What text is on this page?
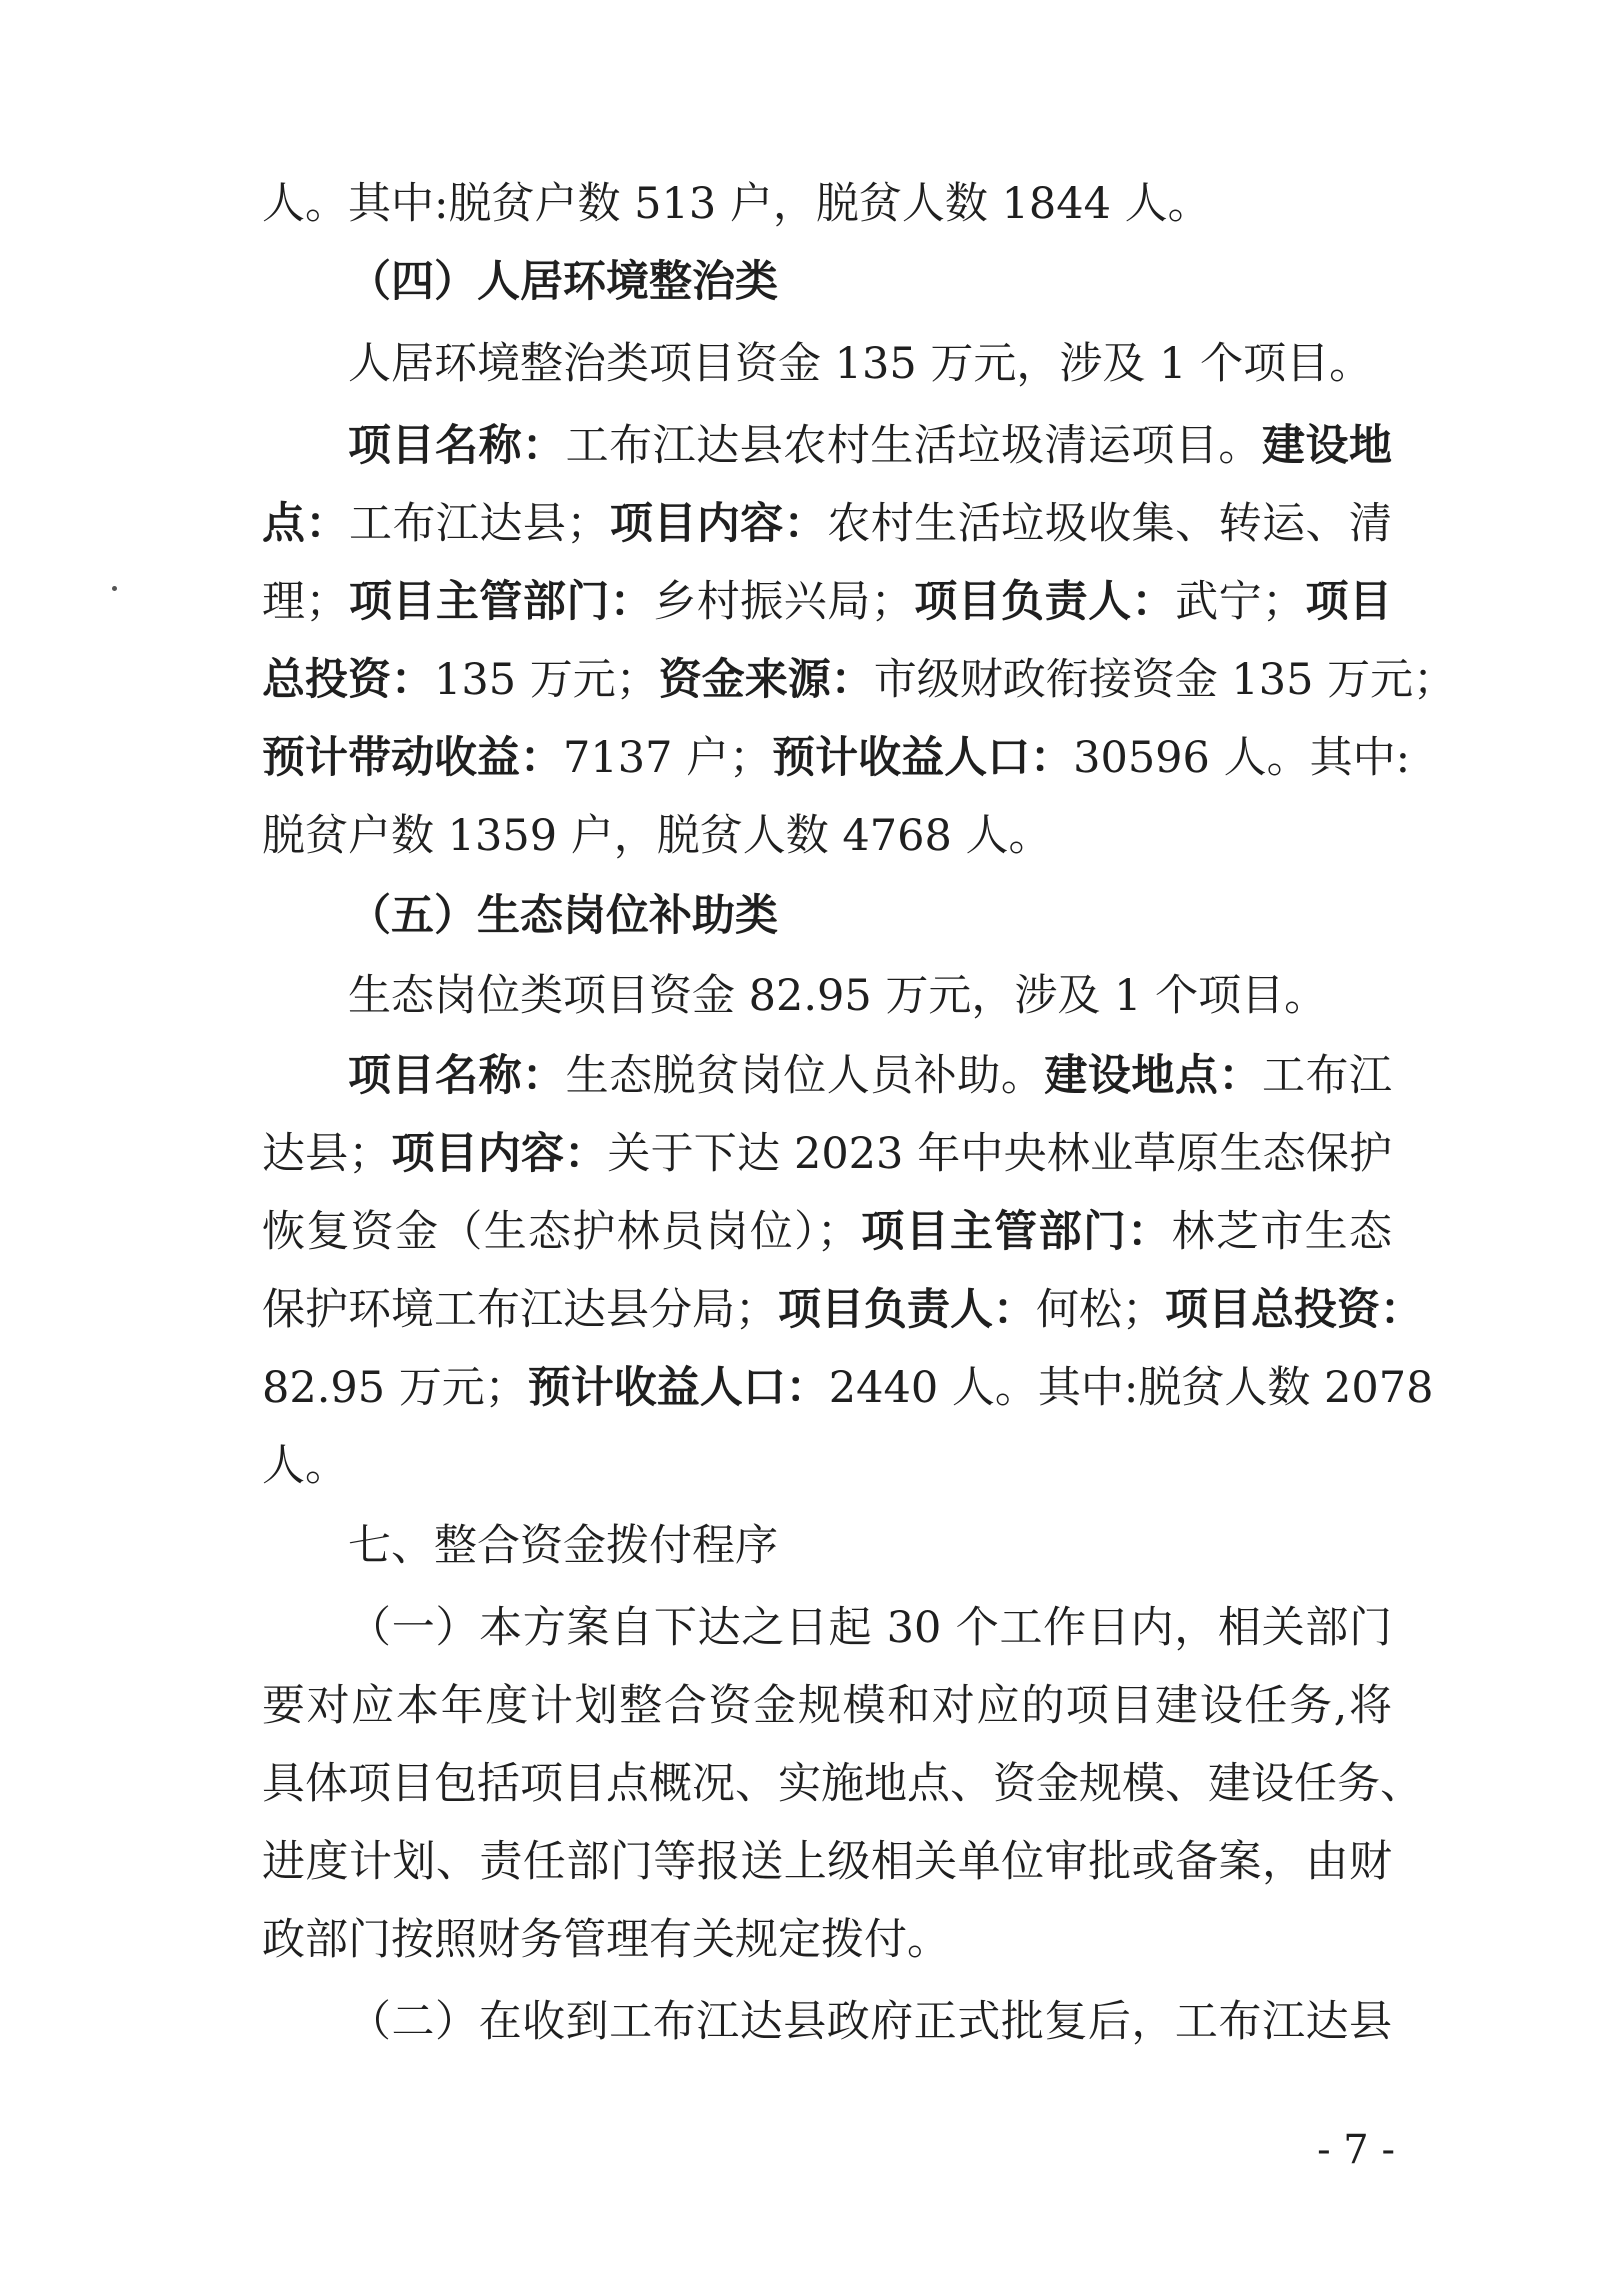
人。其中:脱贫户数 513 户，脱贫人数 1844 人。
（四）人居环境整治类
人居环境整治类项目资金 135 万元，涉及 1 个项目。
项目名称：工布江达县农村生活垃圾清运项目。建设地
点：工布江达县；项目内容：农村生活垃圾收集、转运、清
理；项目主管部门：乡村振兴局；项目负责人：武宁；项目
总投资：135 万元；资金来源：市级财政衔接资金 135 万元；
预计带动收益：7137 户；预计收益人口：30596 人。其中:
脱贫户数 1359 户，脱贫人数 4768 人。
（五）生态岗位补助类
生态岗位类项目资金 82.95 万元，涉及 1 个项目。
项目名称：生态脱贫岗位人员补助。建设地点：工布江
达县；项目内容：关于下达 2023 年中央林业草原生态保护
恢复资金（生态护林员岗位）；项目主管部门：林芝市生态
保护环境工布江达县分局；项目负责人：何松；项目总投资：
82.95 万元；预计收益人口：2440 人。其中:脱贫人数 2078
人。
七、整合资金拨付程序
（一）本方案自下达之日起 30 个工作日内，相关部门
要对应本年度计划整合资金规模和对应的项目建设任务,将
具体项目包括项目点概况、实施地点、资金规模、建设任务、
进度计划、责任部门等报送上级相关单位审批或备案，由财
政部门按照财务管理有关规定拨付。
（二）在收到工布江达县政府正式批复后，工布江达县
- 7 -
